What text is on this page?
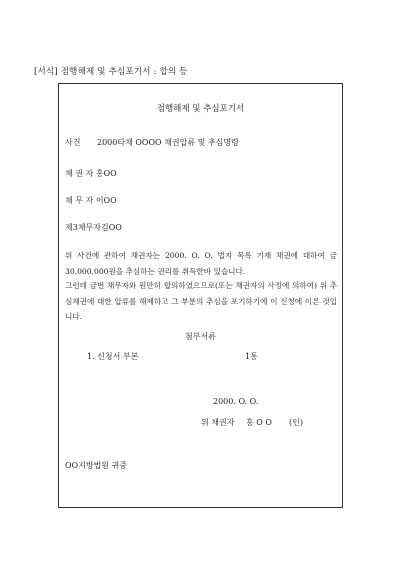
[서식] 점행해제 및 추심포기서 : 합의 등
점행해제 및 추심포기서
사건 2000타채 OOOO 채권압류 및 추심명령
채 권 자 홍OO
채 무 자 이OO
제3채무자김OO
위 사건에 관하여 채권자는 2000. O. O. 법지 목록 기재 채권에 대하여 금 30,000,000원을 추심하는 권리를 취득한바 있습니다.
그런데 금번 채무자와 원만히 합의하였으므로(또는 채권자의 사정에 의하여) 위 추심채권에 대한 압류를 해제하고 그 부분의 추심을 포기하기에 이 신청에 이른 것입니다.
첨부서류
1. 신청서 부본	1통
2000. O. O.
위 채권자 홍 O O (인)
OO지방법원 귀중
